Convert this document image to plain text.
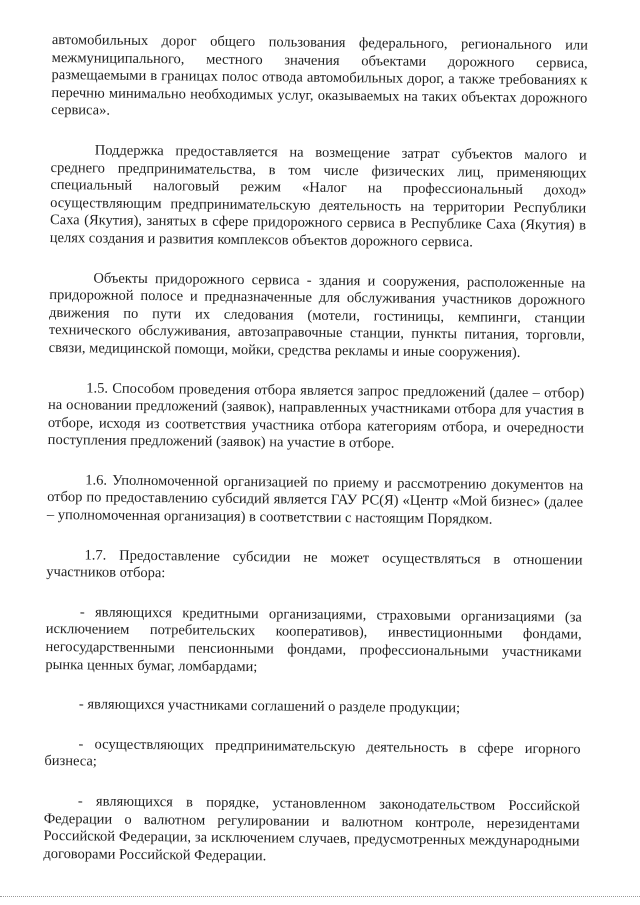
автомобильных дорог общего пользования федерального, регионального или межмуниципального, местного значения объектами дорожного сервиса, размещаемыми в границах полос отвода автомобильных дорог, а также требованиях к перечню минимально необходимых услуг, оказываемых на таких объектах дорожного сервиса».

Поддержка предоставляется на возмещение затрат субъектов малого и среднего предпринимательства, в том числе физических лиц, применяющих специальный налоговый режим «Налог на профессиональный доход» осуществляющим предпринимательскую деятельность на территории Республики Саха (Якутия), занятых в сфере придорожного сервиса в Республике Саха (Якутия) в целях создания и развития комплексов объектов дорожного сервиса.

Объекты придорожного сервиса - здания и сооружения, расположенные на придорожной полосе и предназначенные для обслуживания участников дорожного движения по пути их следования (мотели, гостиницы, кемпинги, станции технического обслуживания, автозаправочные станции, пункты питания, торговли, связи, медицинской помощи, мойки, средства рекламы и иные сооружения).

1.5. Способом проведения отбора является запрос предложений (далее – отбор) на основании предложений (заявок), направленных участниками отбора для участия в отборе, исходя из соответствия участника отбора категориям отбора, и очередности поступления предложений (заявок) на участие в отборе.

1.6. Уполномоченной организацией по приему и рассмотрению документов на отбор по предоставлению субсидий является ГАУ РС(Я) «Центр «Мой бизнес» (далее – уполномоченная организация) в соответствии с настоящим Порядком.

1.7. Предоставление субсидии не может осуществляться в отношении участников отбора:

- являющихся кредитными организациями, страховыми организациями (за исключением потребительских кооперативов), инвестиционными фондами, негосударственными пенсионными фондами, профессиональными участниками рынка ценных бумаг, ломбардами;

- являющихся участниками соглашений о разделе продукции;

- осуществляющих предпринимательскую деятельность в сфере игорного бизнеса;

- являющихся в порядке, установленном законодательством Российской Федерации о валютном регулировании и валютном контроле, нерезидентами Российской Федерации, за исключением случаев, предусмотренных международными договорами Российской Федерации.
